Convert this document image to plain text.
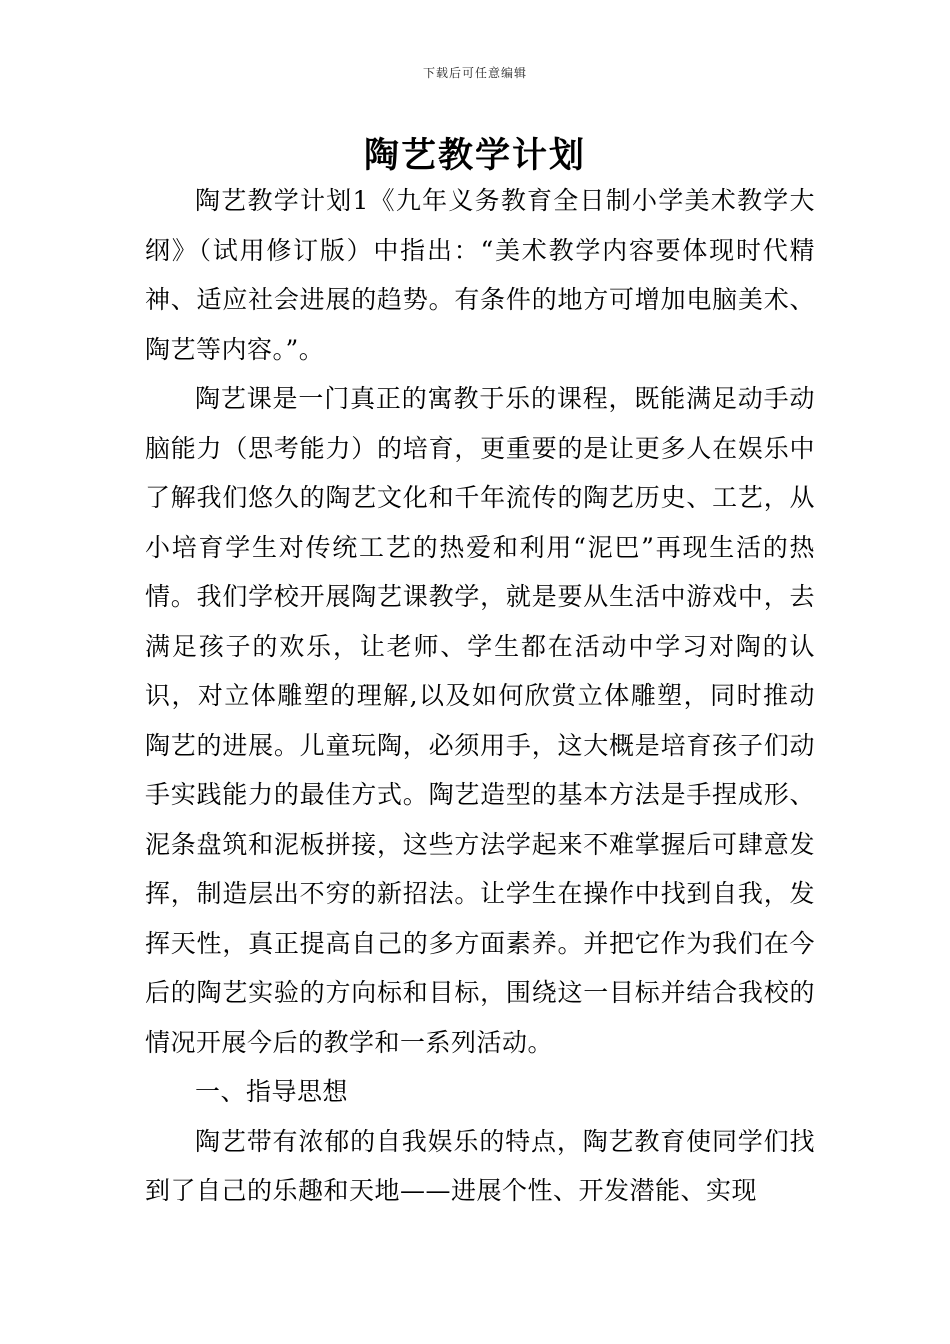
下载后可任意编辑
陶艺教学计划

陶艺教学计划1《九年义务教育全日制小学美术教学大纲》（试用修订版）中指出：“美术教学内容要体现时代精神、适应社会进展的趋势。有条件的地方可增加电脑美术、陶艺等内容。”。

陶艺课是一门真正的寓教于乐的课程，既能满足动手动脑能力（思考能力）的培育，更重要的是让更多人在娱乐中了解我们悠久的陶艺文化和千年流传的陶艺历史、工艺，从小培育学生对传统工艺的热爱和利用“泥巴”再现生活的热情。我们学校开展陶艺课教学，就是要从生活中游戏中，去满足孩子的欢乐，让老师、学生都在活动中学习对陶的认识，对立体雕塑的理解,以及如何欣赏立体雕塑，同时推动陶艺的进展。儿童玩陶，必须用手，这大概是培育孩子们动手实践能力的最佳方式。陶艺造型的基本方法是手捏成形、泥条盘筑和泥板拼接，这些方法学起来不难掌握后可肆意发挥，制造层出不穷的新招法。让学生在操作中找到自我，发挥天性，真正提高自己的多方面素养。并把它作为我们在今后的陶艺实验的方向标和目标，围绕这一目标并结合我校的情况开展今后的教学和一系列活动。

一、指导思想

陶艺带有浓郁的自我娱乐的特点，陶艺教育使同学们找到了自己的乐趣和天地——进展个性、开发潜能、实现
